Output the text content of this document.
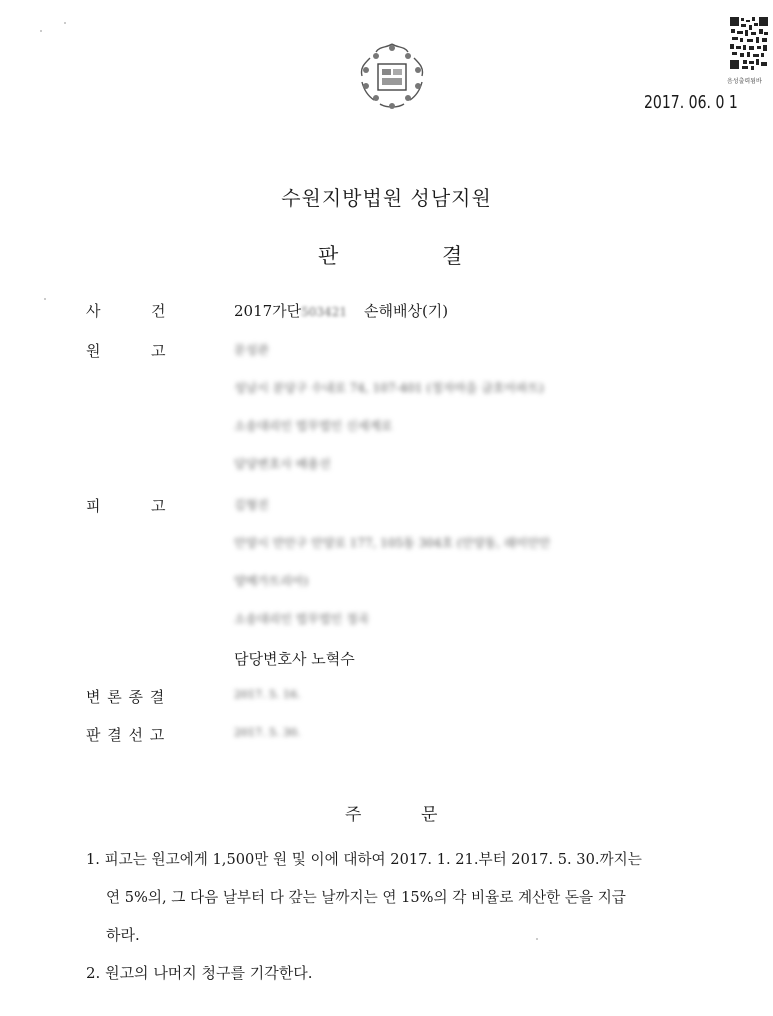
음성출력됨바
2017. 06. 0 1
수원지방법원 성남지원
판	결
사	건	2017가단503421 손해배상(기)
원	고	문성관
성남시 분당구 수내로 74, 107-401 (정자마을 금호아파트)
소송대리인 법무법인 신세계로
담당변호사 배용선
피	고	김형진
안양시 만안구 안양로 177, 105동 304호 (안양동, 래미안안
양메가트리아)
소송대리인 법무법인 정곡
담당변호사 노혁수
변 론 종 결	2017. 5. 16.
판 결 선 고	2017. 5. 30.
주	문
1. 피고는 원고에게 1,500만 원 및 이에 대하여 2017. 1. 21.부터 2017. 5. 30.까지는
연 5%의, 그 다음 날부터 다 갚는 날까지는 연 15%의 각 비율로 계산한 돈을 지급
하라.
2. 원고의 나머지 청구를 기각한다.
